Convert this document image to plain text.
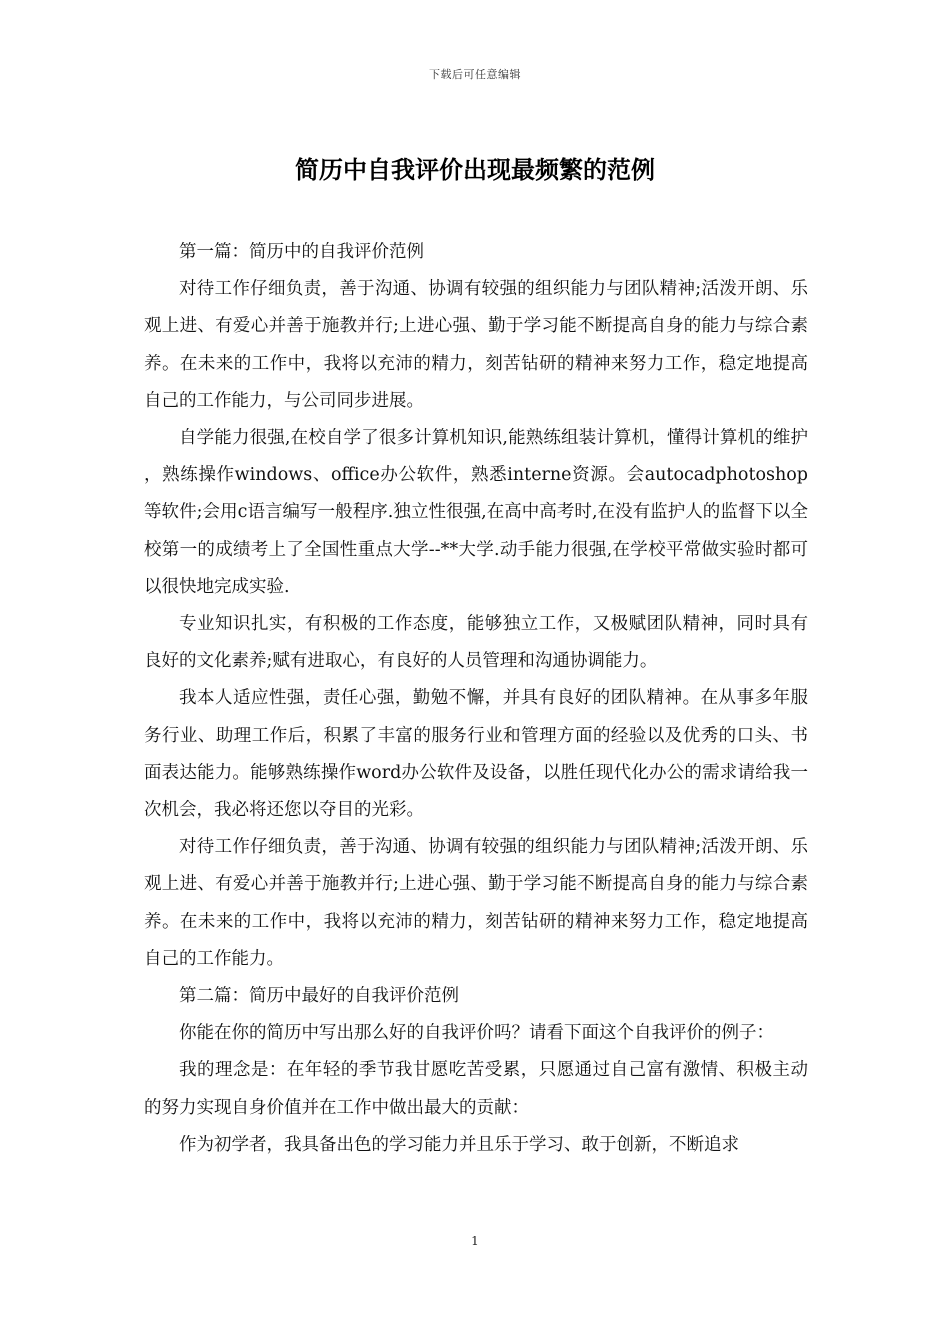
下载后可任意编辑
简历中自我评价出现最频繁的范例

第一篇：简历中的自我评价范例

对待工作仔细负责，善于沟通、协调有较强的组织能力与团队精神;活泼开朗、乐观上进、有爱心并善于施教并行;上进心强、勤于学习能不断提高自身的能力与综合素养。在未来的工作中，我将以充沛的精力，刻苦钻研的精神来努力工作，稳定地提高自己的工作能力，与公司同步进展。

自学能力很强,在校自学了很多计算机知识,能熟练组装计算机，懂得计算机的维护，熟练操作windows、office办公软件，熟悉interne资源。会autocadphotoshop等软件;会用c语言编写一般程序.独立性很强,在高中高考时,在没有监护人的监督下以全校第一的成绩考上了全国性重点大学--**大学.动手能力很强,在学校平常做实验时都可以很快地完成实验.

专业知识扎实，有积极的工作态度，能够独立工作，又极赋团队精神，同时具有良好的文化素养;赋有进取心，有良好的人员管理和沟通协调能力。

我本人适应性强，责任心强，勤勉不懈，并具有良好的团队精神。在从事多年服务行业、助理工作后，积累了丰富的服务行业和管理方面的经验以及优秀的口头、书面表达能力。能够熟练操作word办公软件及设备，以胜任现代化办公的需求请给我一次机会，我必将还您以夺目的光彩。

对待工作仔细负责，善于沟通、协调有较强的组织能力与团队精神;活泼开朗、乐观上进、有爱心并善于施教并行;上进心强、勤于学习能不断提高自身的能力与综合素养。在未来的工作中，我将以充沛的精力，刻苦钻研的精神来努力工作，稳定地提高自己的工作能力。

第二篇：简历中最好的自我评价范例

你能在你的简历中写出那么好的自我评价吗？请看下面这个自我评价的例子：

我的理念是：在年轻的季节我甘愿吃苦受累，只愿通过自己富有激情、积极主动的努力实现自身价值并在工作中做出最大的贡献：

作为初学者，我具备出色的学习能力并且乐于学习、敢于创新，不断追求

1
